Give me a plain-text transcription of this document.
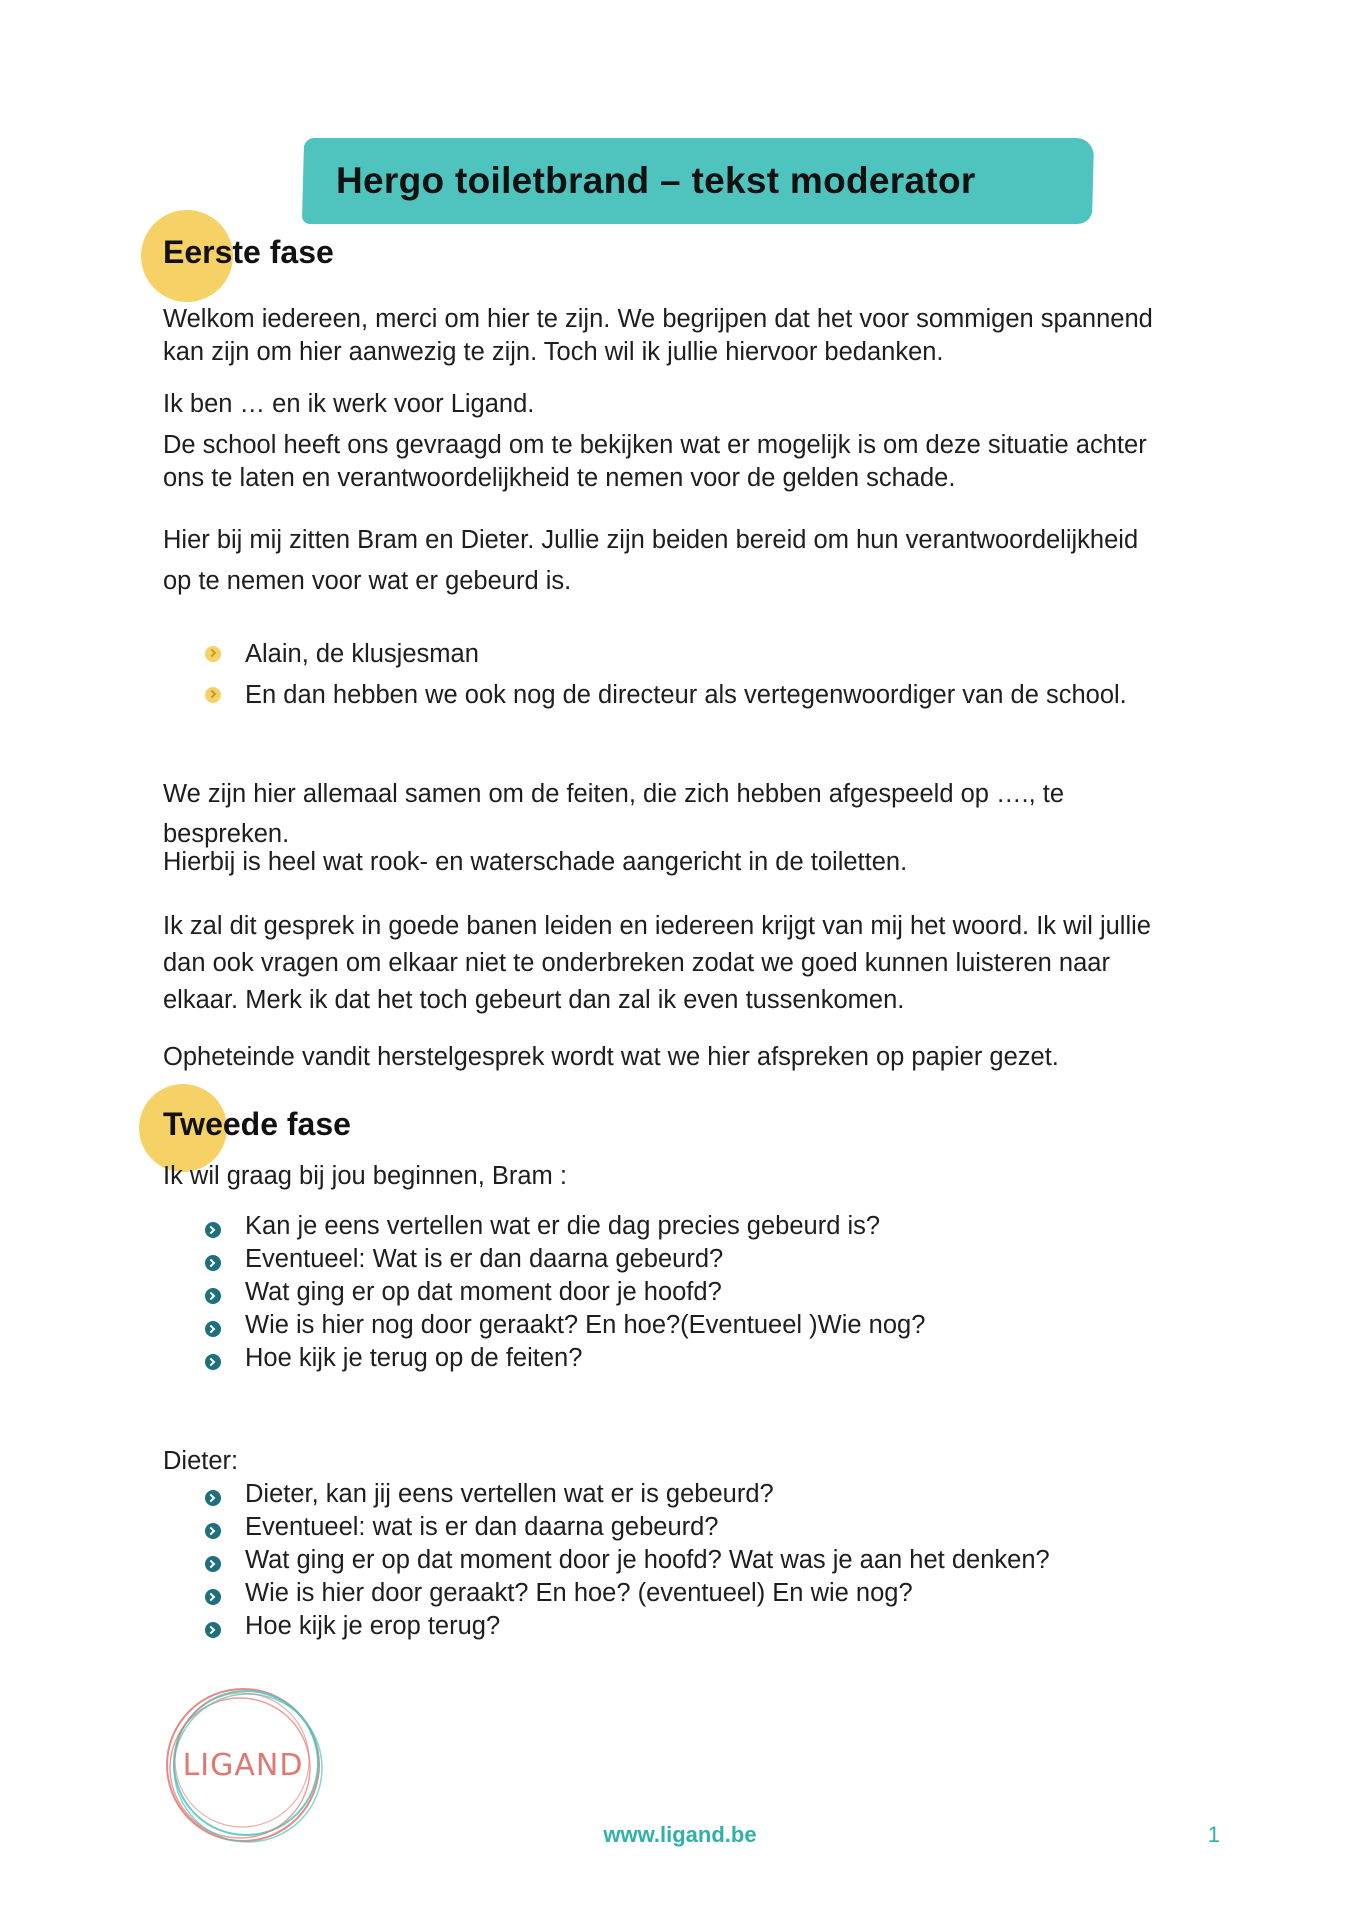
Hergo toiletbrand – tekst moderator
Eerste fase
Welkom iedereen, merci om hier te zijn. We begrijpen dat het voor sommigen spannend kan zijn om hier aanwezig te zijn. Toch wil ik jullie hiervoor bedanken.
Ik ben … en ik werk voor Ligand.
De school heeft ons gevraagd om te bekijken wat er mogelijk is om deze situatie achter ons te laten en verantwoordelijkheid te nemen voor de gelden schade.
Hier bij mij zitten Bram en Dieter. Jullie zijn beiden bereid om hun verantwoordelijkheid op te nemen voor wat er gebeurd is.
Alain, de klusjesman
En dan hebben we ook nog de directeur als vertegenwoordiger van de school.
We zijn hier allemaal samen om de feiten, die zich hebben afgespeeld op …., te bespreken.
Hierbij is heel wat rook- en waterschade aangericht in de toiletten.
Ik zal dit gesprek in goede banen leiden en iedereen krijgt van mij het woord. Ik wil jullie dan ook vragen om elkaar niet te onderbreken zodat we goed kunnen luisteren naar elkaar. Merk ik dat het toch gebeurt dan zal ik even tussenkomen.
Opheteinde vandit herstelgesprek wordt wat we hier afspreken op papier gezet.
Tweede fase
Ik wil graag bij jou beginnen, Bram :
Kan je eens vertellen wat er die dag precies gebeurd is?
Eventueel: Wat is er dan daarna gebeurd?
Wat ging er op dat moment door je hoofd?
Wie is hier nog door geraakt? En hoe?(Eventueel )Wie nog?
Hoe kijk je terug op de feiten?
Dieter:
Dieter, kan jij eens vertellen wat er is gebeurd?
Eventueel: wat is er dan daarna gebeurd?
Wat ging er op dat moment door je hoofd? Wat was je aan het denken?
Wie is hier door geraakt? En hoe? (eventueel) En wie nog?
Hoe kijk je erop terug?
LIGAND
www.ligand.be	1
